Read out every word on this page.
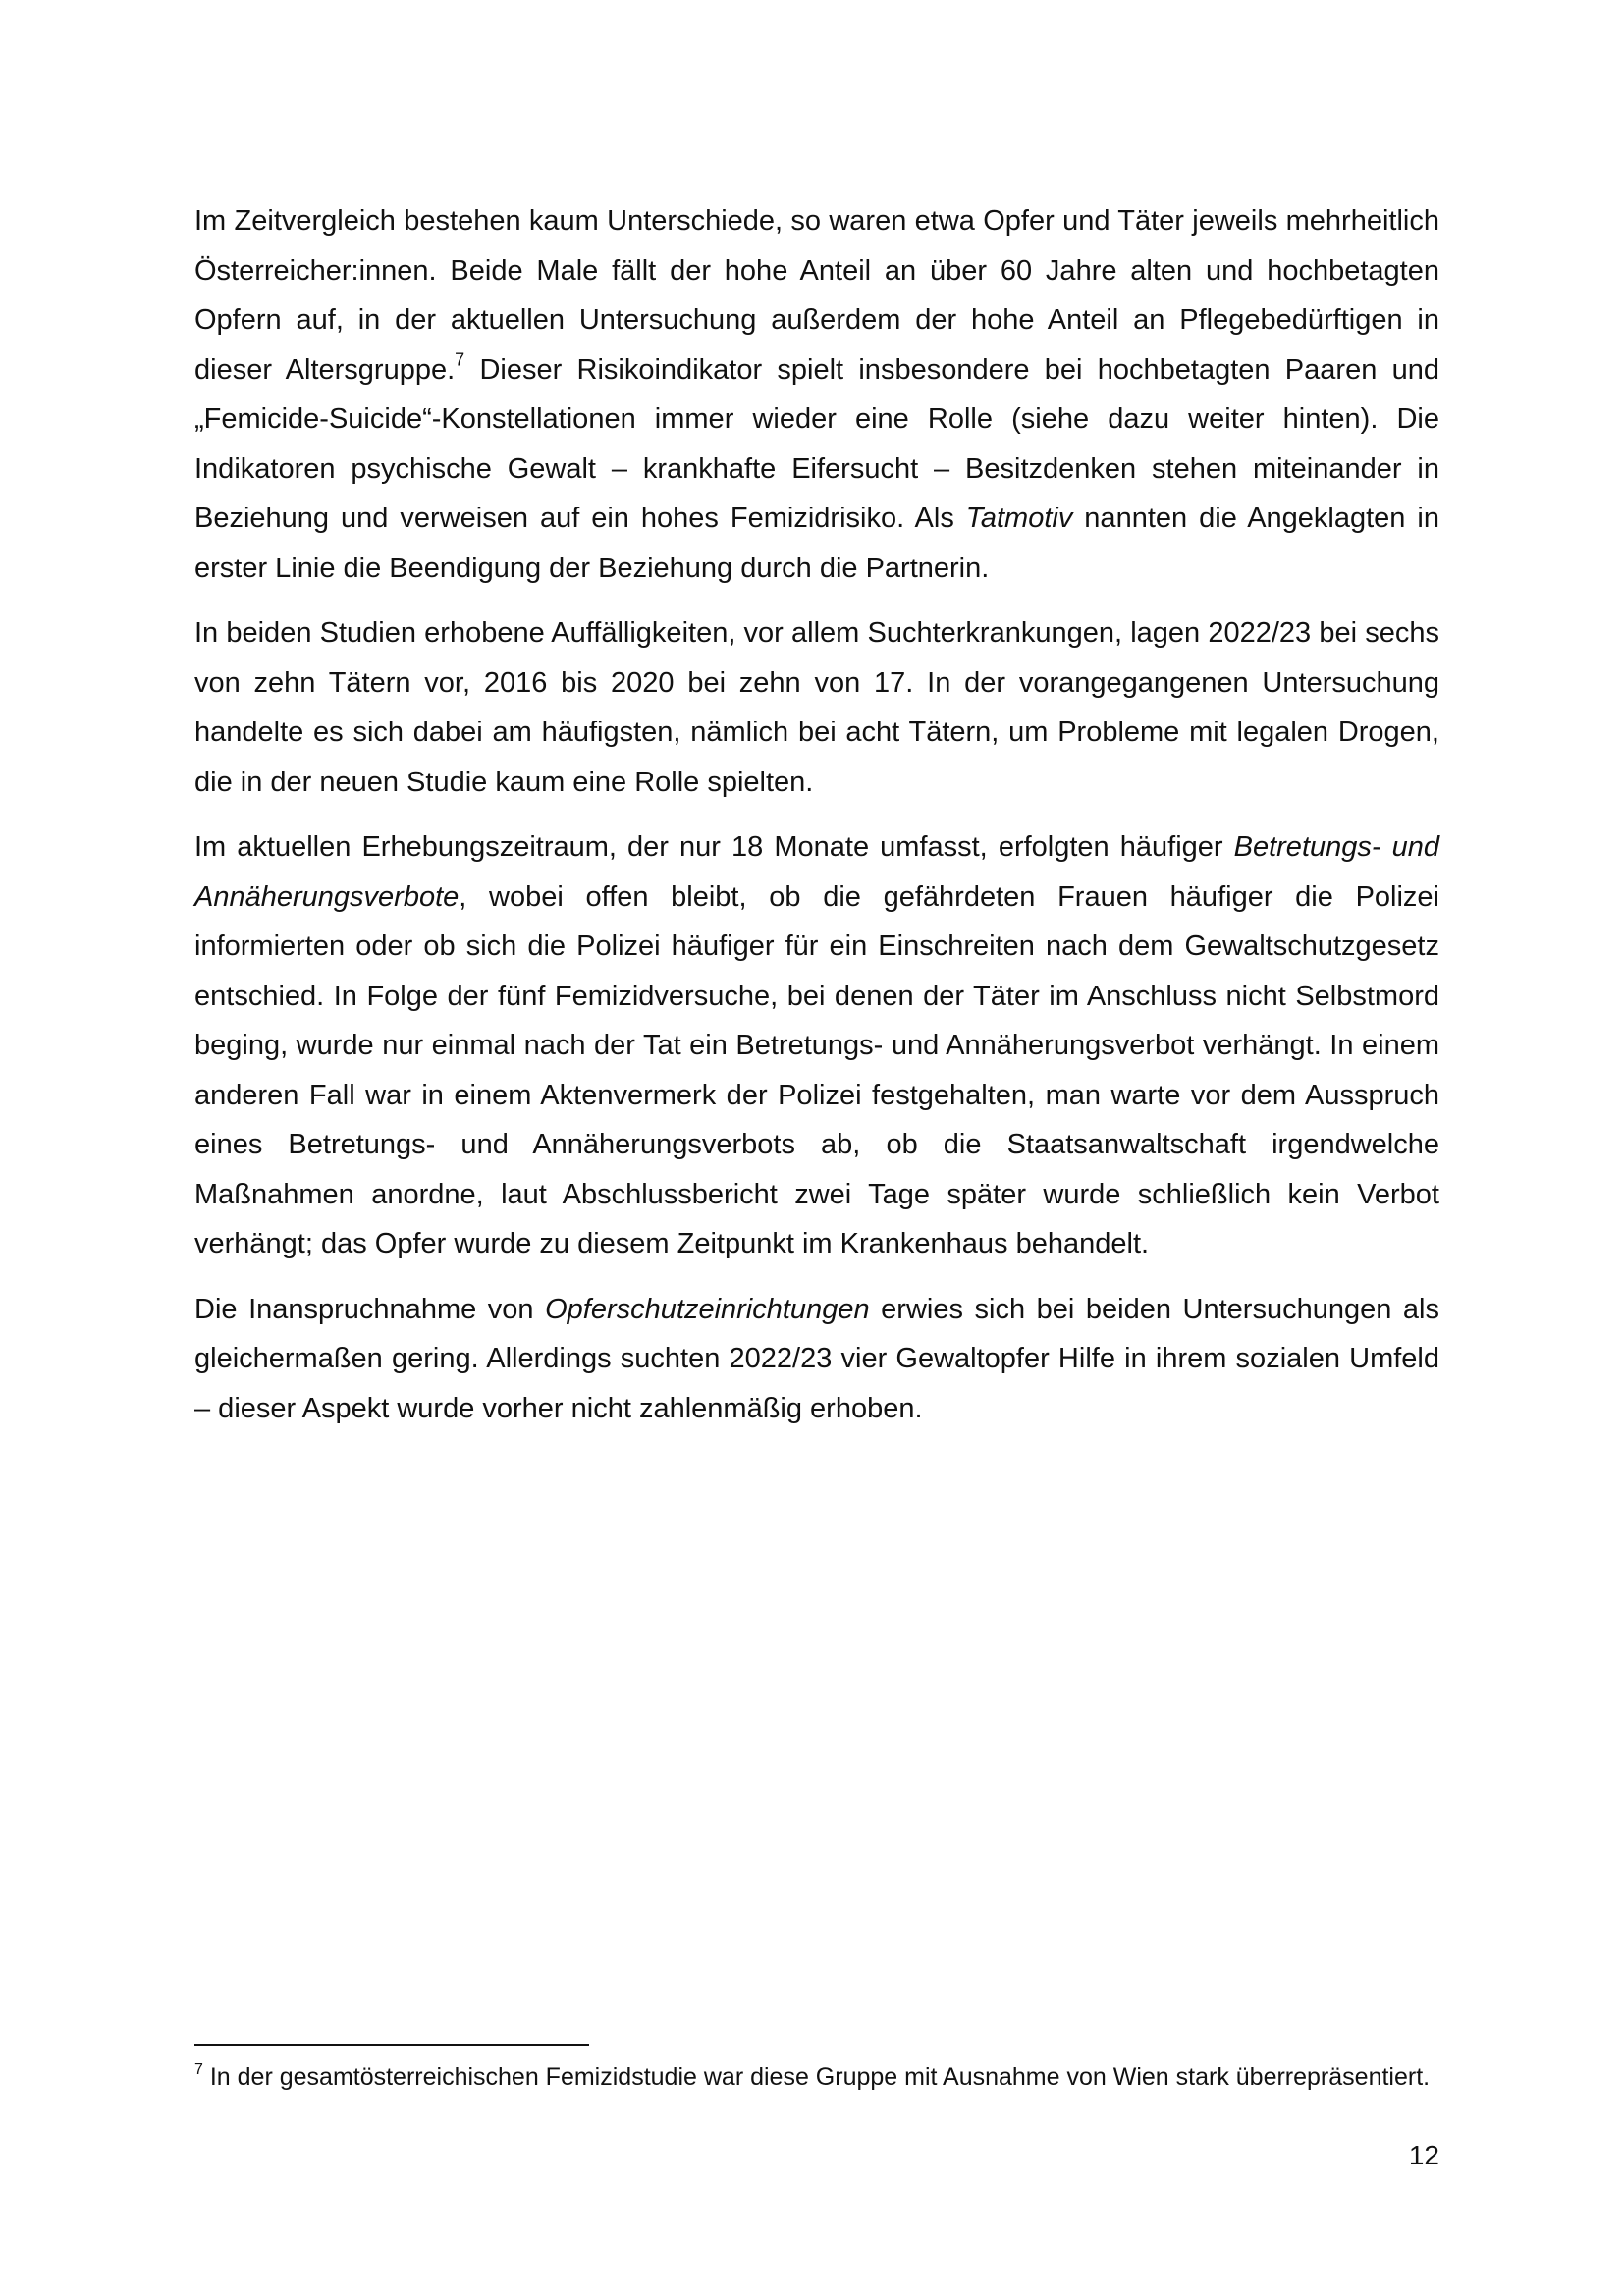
Im Zeitvergleich bestehen kaum Unterschiede, so waren etwa Opfer und Täter jeweils mehrheitlich Österreicher:innen. Beide Male fällt der hohe Anteil an über 60 Jahre alten und hochbetagten Opfern auf, in der aktuellen Untersuchung außerdem der hohe Anteil an Pflegebedürftigen in dieser Altersgruppe.$^7$ Dieser Risikoindikator spielt insbesondere bei hochbetagten Paaren und „Femicide-Suicide“-Konstellationen immer wieder eine Rolle (siehe dazu weiter hinten). Die Indikatoren psychische Gewalt – krankhafte Eifersucht – Besitzdenken stehen miteinander in Beziehung und verweisen auf ein hohes Femizidrisiko. Als Tatmotiv nannten die Angeklagten in erster Linie die Beendigung der Beziehung durch die Partnerin.

In beiden Studien erhobene Auffälligkeiten, vor allem Suchterkrankungen, lagen 2022/23 bei sechs von zehn Tätern vor, 2016 bis 2020 bei zehn von 17. In der vorangegangenen Untersuchung handelte es sich dabei am häufigsten, nämlich bei acht Tätern, um Probleme mit legalen Drogen, die in der neuen Studie kaum eine Rolle spielten.

Im aktuellen Erhebungszeitraum, der nur 18 Monate umfasst, erfolgten häufiger Betretungs- und Annäherungsverbote, wobei offen bleibt, ob die gefährdeten Frauen häufiger die Polizei informierten oder ob sich die Polizei häufiger für ein Einschreiten nach dem Gewaltschutzgesetz entschied. In Folge der fünf Femizidversuche, bei denen der Täter im Anschluss nicht Selbstmord beging, wurde nur einmal nach der Tat ein Betretungs- und Annäherungsverbot verhängt. In einem anderen Fall war in einem Aktenvermerk der Polizei festgehalten, man warte vor dem Ausspruch eines Betretungs- und Annäherungsverbots ab, ob die Staatsanwaltschaft irgendwelche Maßnahmen anordne, laut Abschlussbericht zwei Tage später wurde schließlich kein Verbot verhängt; das Opfer wurde zu diesem Zeitpunkt im Krankenhaus behandelt.

Die Inanspruchnahme von Opferschutzeinrichtungen erwies sich bei beiden Untersuchungen als gleichermaßen gering. Allerdings suchten 2022/23 vier Gewaltopfer Hilfe in ihrem sozialen Umfeld – dieser Aspekt wurde vorher nicht zahlenmäßig erhoben.

$^7$ In der gesamtösterreichischen Femizidstudie war diese Gruppe mit Ausnahme von Wien stark überrepräsentiert.

12
